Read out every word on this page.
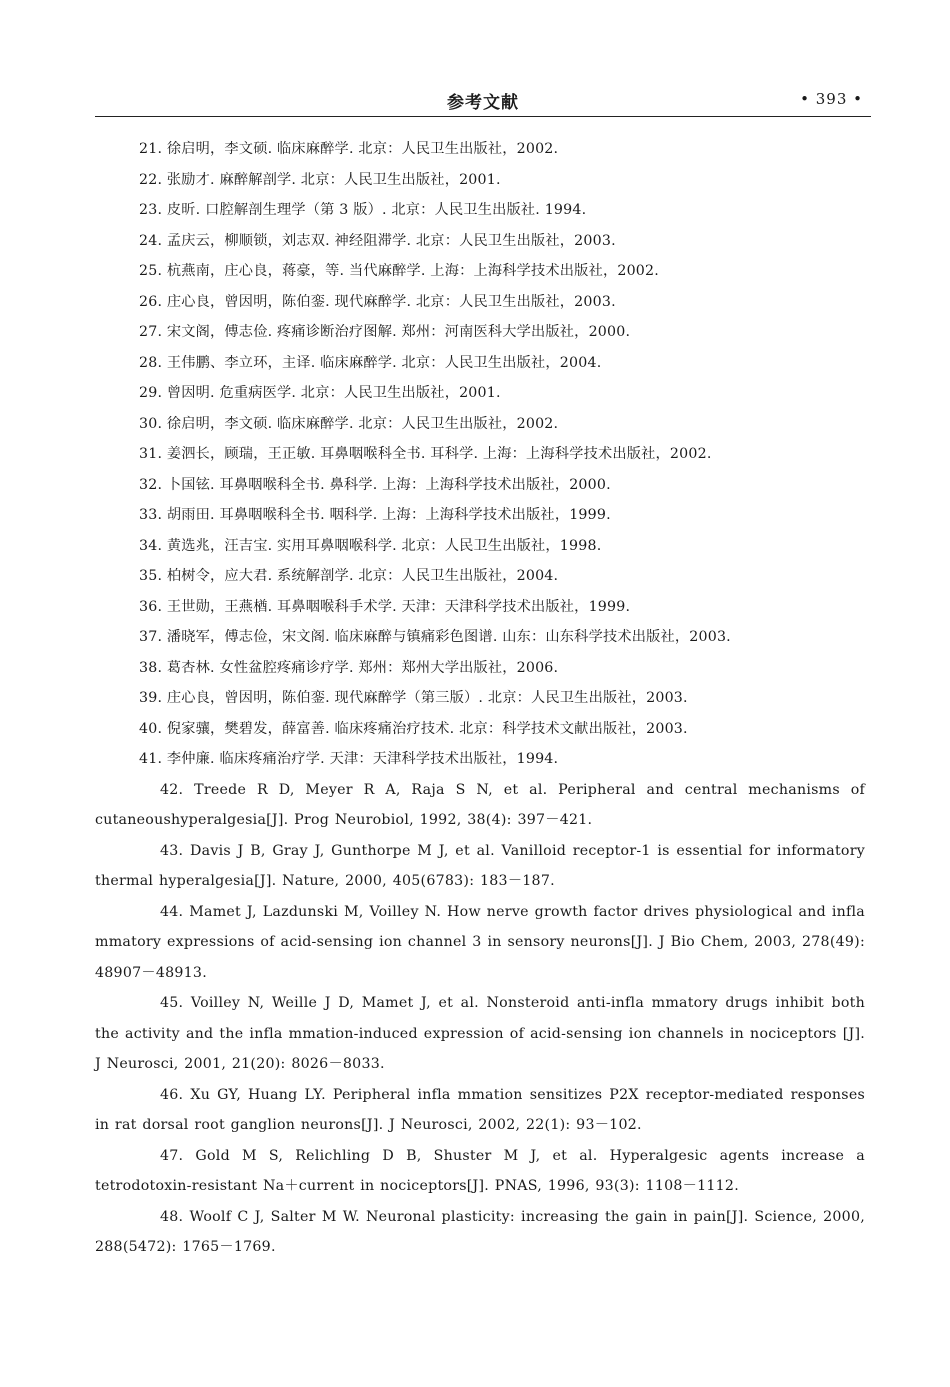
参考文献	• 393 •
21. 徐启明，李文硕. 临床麻醉学. 北京：人民卫生出版社，2002.
22. 张励才. 麻醉解剖学. 北京：人民卫生出版社，2001.
23. 皮昕. 口腔解剖生理学（第 3 版）. 北京：人民卫生出版社. 1994.
24. 孟庆云，柳顺锁，刘志双. 神经阻滞学. 北京：人民卫生出版社，2003.
25. 杭燕南，庄心良，蒋豪，等. 当代麻醉学. 上海：上海科学技术出版社，2002.
26. 庄心良，曾因明，陈伯銮. 现代麻醉学. 北京：人民卫生出版社，2003.
27. 宋文阁，傅志俭. 疼痛诊断治疗图解. 郑州：河南医科大学出版社，2000.
28. 王伟鹏、李立环，主译. 临床麻醉学. 北京：人民卫生出版社，2004.
29. 曾因明. 危重病医学. 北京：人民卫生出版社，2001.
30. 徐启明，李文硕. 临床麻醉学. 北京：人民卫生出版社，2002.
31. 姜泗长，顾瑞，王正敏. 耳鼻咽喉科全书. 耳科学. 上海：上海科学技术出版社，2002.
32. 卜国铉. 耳鼻咽喉科全书. 鼻科学. 上海：上海科学技术出版社，2000.
33. 胡雨田. 耳鼻咽喉科全书. 咽科学. 上海：上海科学技术出版社，1999.
34. 黄选兆，汪吉宝. 实用耳鼻咽喉科学. 北京：人民卫生出版社，1998.
35. 柏树令，应大君. 系统解剖学. 北京：人民卫生出版社，2004.
36. 王世勋，王燕楢. 耳鼻咽喉科手术学. 天津：天津科学技术出版社，1999.
37. 潘晓军，傅志俭，宋文阁. 临床麻醉与镇痛彩色图谱. 山东：山东科学技术出版社，2003.
38. 葛杏林. 女性盆腔疼痛诊疗学. 郑州：郑州大学出版社，2006.
39. 庄心良，曾因明，陈伯銮. 现代麻醉学（第三版）. 北京：人民卫生出版社，2003.
40. 倪家骧，樊碧发，薛富善. 临床疼痛治疗技术. 北京：科学技术文献出版社，2003.
41. 李仲廉. 临床疼痛治疗学. 天津：天津科学技术出版社，1994.
42. Treede R D, Meyer R A, Raja S N, et al. Peripheral and central mechanisms of cutaneoushyperalgesia[J]. Prog Neurobiol, 1992, 38(4): 397－421.
43. Davis J B, Gray J, Gunthorpe M J, et al. Vanilloid receptor-1 is essential for informatory thermal hyperalgesia[J]. Nature, 2000, 405(6783): 183－187.
44. Mamet J, Lazdunski M, Voilley N. How nerve growth factor drives physiological and infla mmatory expressions of acid-sensing ion channel 3 in sensory neurons[J]. J Bio Chem, 2003, 278(49): 48907－48913.
45. Voilley N, Weille J D, Mamet J, et al. Nonsteroid anti-infla mmatory drugs inhibit both the activity and the infla mmation-induced expression of acid-sensing ion channels in nociceptors [J]. J Neurosci, 2001, 21(20): 8026－8033.
46. Xu GY, Huang LY. Peripheral infla mmation sensitizes P2X receptor-mediated responses in rat dorsal root ganglion neurons[J]. J Neurosci, 2002, 22(1): 93－102.
47. Gold M S, Relichling D B, Shuster M J, et al. Hyperalgesic agents increase a tetrodotoxin-resistant Na＋current in nociceptors[J]. PNAS, 1996, 93(3): 1108－1112.
48. Woolf C J, Salter M W. Neuronal plasticity: increasing the gain in pain[J]. Science, 2000, 288(5472): 1765－1769.
